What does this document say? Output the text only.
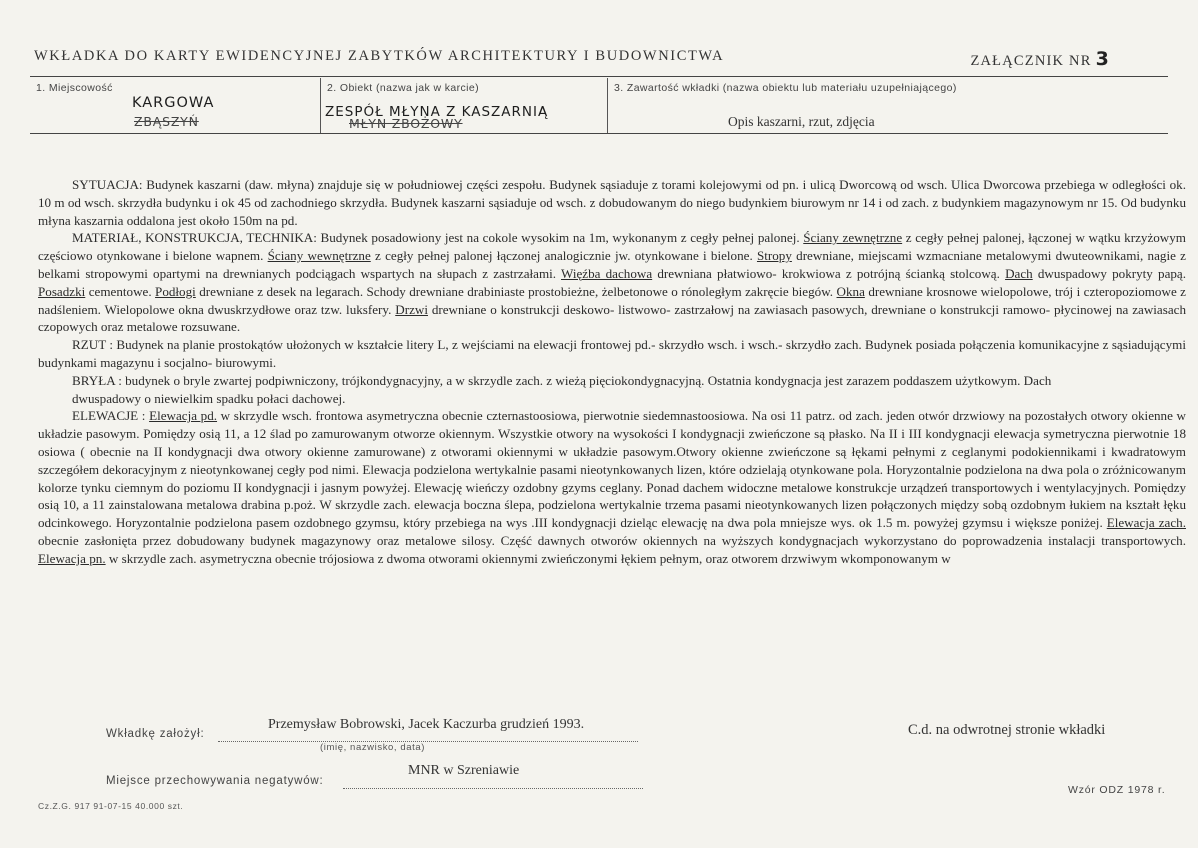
WKŁADKA DO KARTY EWIDENCYJNEJ ZABYTKÓW ARCHITEKTURY I BUDOWNICTWA	ZAŁĄCZNIK NR 3
1. Miejscowość
KARGOWA
ZBĄSZYŃ
2. Obiekt (nazwa jak w karcie)
ZESPÓŁ MŁYNA Z KASZARNIĄ
MŁYN ZBOŻOWY
3. Zawartość wkładki (nazwa obiektu lub materiału uzupełniającego)
Opis kaszarni, rzut, zdjęcia

SYTUACJA: Budynek kaszarni (daw. młyna) znajduje się w południowej części zespołu. Budynek sąsiaduje z torami kolejowymi od pn. i ulicą Dworcową od wsch. Ulica Dworcowa przebiega w odległości ok. 10 m od wsch. skrzydła budynku i ok 45 od zachodniego skrzydła. Budynek kaszarni sąsiaduje od wsch. z dobudowanym do niego budynkiem biurowym nr 14 i od zach. z budynkiem magazynowym nr 15. Od budynku młyna kaszarnia oddalona jest około 150m na pd.

MATERIAŁ, KONSTRUKCJA, TECHNIKA: Budynek posadowiony jest na cokole wysokim na 1m, wykonanym z cegły pełnej palonej. Ściany zewnętrzne z cegły pełnej palonej, łączonej w wątku krzyżowym częściowo otynkowane i bielone wapnem. Ściany wewnętrzne z cegły pełnej palonej łączonej analogicznie jw. otynkowane i bielone. Stropy drewniane, miejscami wzmacniane metalowymi dwuteownikami, nagie z belkami stropowymi opartymi na drewnianych podciągach wspartych na słupach z zastrzałami. Więźba dachowa drewniana płatwiowo- krokwiowa z potrójną ścianką stolcową. Dach dwuspadowy pokryty papą. Posadzki cementowe. Podłogi drewniane z desek na legarach. Schody drewniane drabiniaste prostobieżne, żelbetonowe o rónoległym zakręcie biegów. Okna drewniane krosnowe wielopolowe, trój i czteropoziomowe z nadśleniem. Wielopolowe okna dwuskrzydłowe oraz tzw. luksfery. Drzwi drewniane o konstrukcji deskowo- listwowo- zastrzałowj na zawiasach pasowych, drewniane o konstrukcji ramowo- płycinowej na zawiasach czopowych oraz metalowe rozsuwane.

RZUT : Budynek na planie prostokątów ułożonych w kształcie litery L, z wejściami na elewacji frontowej pd.- skrzydło wsch. i wsch.- skrzydło zach. Budynek posiada połączenia komunikacyjne z sąsiadującymi budynkami magazynu i socjalno- biurowymi.

BRYŁA : budynek o bryle zwartej podpiwniczony, trójkondygnacyjny, a w skrzydle zach. z wieżą pięciokondygnacyjną. Ostatnia kondygnacja jest zarazem poddaszem użytkowym. Dach

dwuspadowy o niewielkim spadku połaci dachowej.

ELEWACJE : Elewacja pd. w skrzydle wsch. frontowa asymetryczna obecnie czternastoosiowa, pierwotnie siedemnastoosiowa. Na osi 11 patrz. od zach. jeden otwór drzwiowy na pozostałych otwory okienne w układzie pasowym. Pomiędzy osią 11, a 12 ślad po zamurowanym otworze okiennym. Wszystkie otwory na wysokości I kondygnacji zwieńczone są płasko. Na II i III kondygnacji elewacja symetryczna pierwotnie 18 osiowa ( obecnie na II kondygnacji dwa otwory okienne zamurowane) z otworami okiennymi w układzie pasowym.Otwory okienne zwieńczone są łękami pełnymi z ceglanymi podokiennikami i kwadratowym szczegółem dekoracyjnym z nieotynkowanej cegły pod nimi. Elewacja podzielona wertykalnie pasami nieotynkowanych lizen, które odzielają otynkowane pola. Horyzontalnie podzielona na dwa pola o zróżnicowanym kolorze tynku ciemnym do poziomu II kondygnacji i jasnym powyżej. Elewację wieńczy ozdobny gzyms ceglany. Ponad dachem widoczne metalowe konstrukcje urządzeń transportowych i wentylacyjnych. Pomiędzy osią 10, a 11 zainstalowana metalowa drabina p.poż. W skrzydle zach. elewacja boczna ślepa, podzielona wertykalnie trzema pasami nieotynkowanych lizen połączonych między sobą ozdobnym łukiem na kształt łęku odcinkowego. Horyzontalnie podzielona pasem ozdobnego gzymsu, który przebiega na wys .III kondygnacji dzieląc elewację na dwa pola mniejsze wys. ok 1.5 m. powyżej gzymsu i większe poniżej. Elewacja zach. obecnie zasłonięta przez dobudowany budynek magazynowy oraz metalowe silosy. Część dawnych otworów okiennych na wyższych kondygnacjach wykorzystano do poprowadzenia instalacji transportowych. Elewacja pn. w skrzydle zach. asymetryczna obecnie trójosiowa z dwoma otworami okiennymi zwieńczonymi łękiem pełnym, oraz otworem drzwiwym wkomponowanym w

Wkładkę założył:
Przemysław Bobrowski, Jacek Kaczurba grudzień 1993.
(imię, nazwisko, data)
C.d. na odwrotnej stronie wkładki
Miejsce przechowywania negatywów:
MNR w Szreniawie
Cz.Z.G. 917 91-07-15 40.000 szt.
Wzór ODZ 1978 r.
